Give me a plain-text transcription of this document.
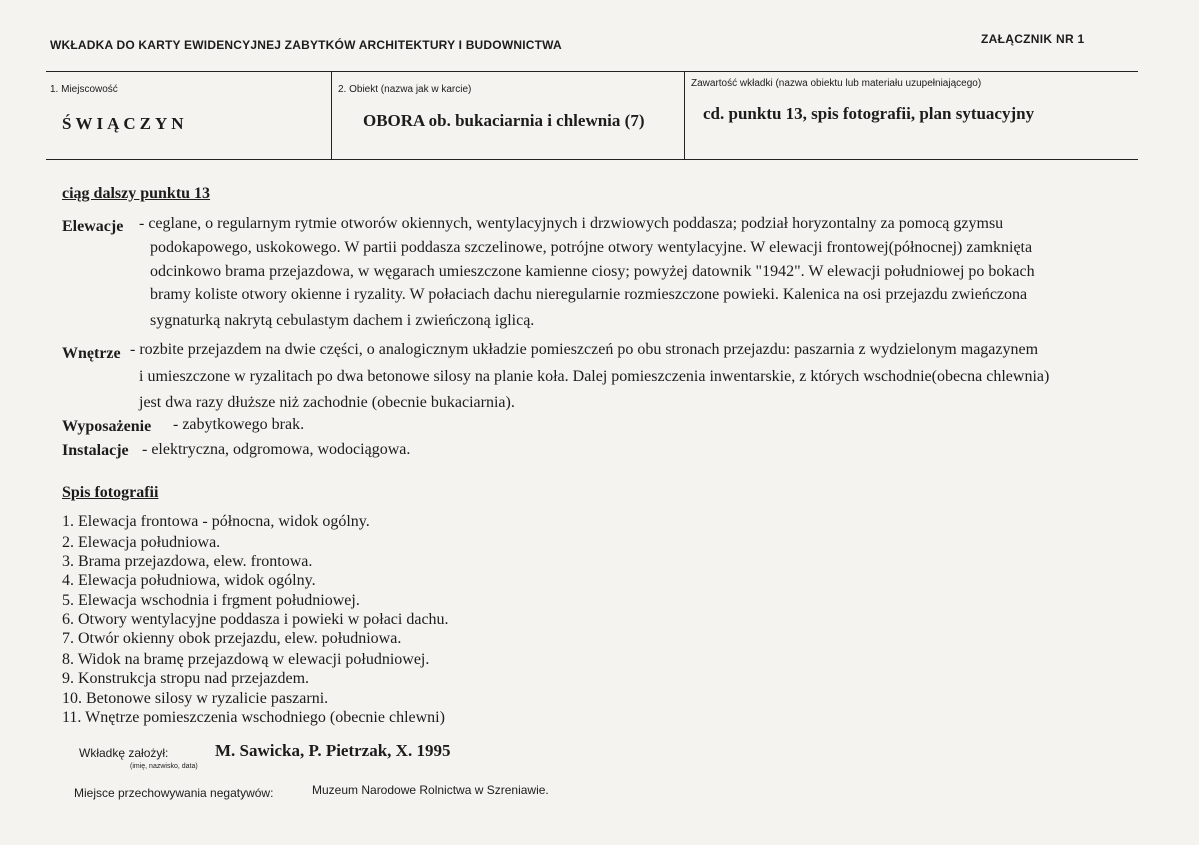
WKŁADKA DO KARTY EWIDENCYJNEJ ZABYTKÓW ARCHITEKTURY I BUDOWNICTWA	ZAŁĄCZNIK NR 1
1. Miejscowość
ŚWIĄCZYN
2. Obiekt (nazwa jak w karcie)
OBORA ob. bukaciarnia i chlewnia (7)
Zawartość wkładki (nazwa obiektu lub materiału uzupełniającego)
cd. punktu 13, spis fotografii, plan sytuacyjny
ciąg dalszy punktu 13
Elewacje - ceglane, o regularnym rytmie otworów okiennych, wentylacyjnych i drzwiowych poddasza; podział horyzontalny za pomocą gzymsu
podokapowego, uskokowego. W partii poddasza szczelinowe, potrójne otwory wentylacyjne. W elewacji frontowej(północnej) zamknięta
odcinkowo brama przejazdowa, w węgarach umieszczone kamienne ciosy; powyżej datownik "1942". W elewacji południowej po bokach
bramy koliste otwory okienne i ryzality. W połaciach dachu nieregularnie rozmieszczone powieki. Kalenica na osi przejazdu zwieńczona
sygnaturką nakrytą cebulastym dachem i zwieńczoną iglicą.
Wnętrze - rozbite przejazdem na dwie części, o analogicznym układzie pomieszczeń po obu stronach przejazdu: paszarnia z wydzielonym magazynem
i umieszczone w ryzalitach po dwa betonowe silosy na planie koła. Dalej pomieszczenia inwentarskie, z których wschodnie(obecna chlewnia)
jest dwa razy dłuższe niż zachodnie (obecnie bukaciarnia).
Wyposażenie - zabytkowego brak.
Instalacje - elektryczna, odgromowa, wodociągowa.
Spis fotografii
1. Elewacja frontowa - północna, widok ogólny.
2. Elewacja południowa.
3. Brama przejazdowa, elew. frontowa.
4. Elewacja południowa, widok ogólny.
5. Elewacja wschodnia i frgment południowej.
6. Otwory wentylacyjne poddasza i powieki w połaci dachu.
7. Otwór okienny obok przejazdu, elew. południowa.
8. Widok na bramę przejazdową w elewacji południowej.
9. Konstrukcja stropu nad przejazdem.
10. Betonowe silosy w ryzalicie paszarni.
11. Wnętrze pomieszczenia wschodniego (obecnie chlewni)
Wkładkę założył:
(imię, nazwisko, data)
M. Sawicka, P. Pietrzak, X. 1995
Miejsce przechowywania negatywów:	Muzeum Narodowe Rolnictwa w Szreniawie.
